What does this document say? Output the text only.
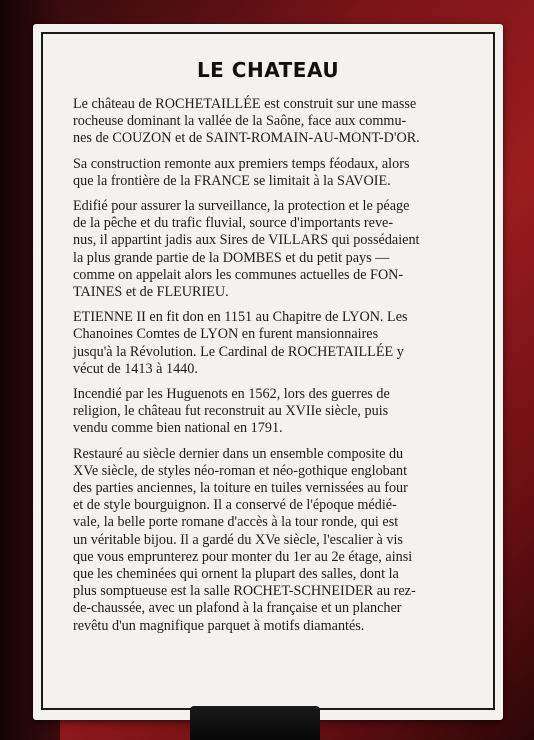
LE CHATEAU

Le château de ROCHETAILLÉE est construit sur une masse
rocheuse dominant la vallée de la Saône, face aux commu-
nes de COUZON et de SAINT-ROMAIN-AU-MONT-D'OR.

Sa construction remonte aux premiers temps féodaux, alors
que la frontière de la FRANCE se limitait à la SAVOIE.

Edifié pour assurer la surveillance, la protection et le péage
de la pêche et du trafic fluvial, source d'importants reve-
nus, il appartint jadis aux Sires de VILLARS qui possédaient
la plus grande partie de la DOMBES et du petit pays —
comme on appelait alors les communes actuelles de FON-
TAINES et de FLEURIEU.

ETIENNE II en fit don en 1151 au Chapitre de LYON. Les
Chanoines Comtes de LYON en furent mansionnaires
jusqu'à la Révolution. Le Cardinal de ROCHETAILLÉE y
vécut de 1413 à 1440.

Incendié par les Huguenots en 1562, lors des guerres de
religion, le château fut reconstruit au XVIIe siècle, puis
vendu comme bien national en 1791.

Restauré au siècle dernier dans un ensemble composite du
XVe siècle, de styles néo-roman et néo-gothique englobant
des parties anciennes, la toiture en tuiles vernissées au four
et de style bourguignon. Il a conservé de l'époque médié-
vale, la belle porte romane d'accès à la tour ronde, qui est
un véritable bijou. Il a gardé du XVe siècle, l'escalier à vis
que vous emprunterez pour monter du 1er au 2e étage, ainsi
que les cheminées qui ornent la plupart des salles, dont la
plus somptueuse est la salle ROCHET-SCHNEIDER au rez-
de-chaussée, avec un plafond à la française et un plancher
revêtu d'un magnifique parquet à motifs diamantés.
